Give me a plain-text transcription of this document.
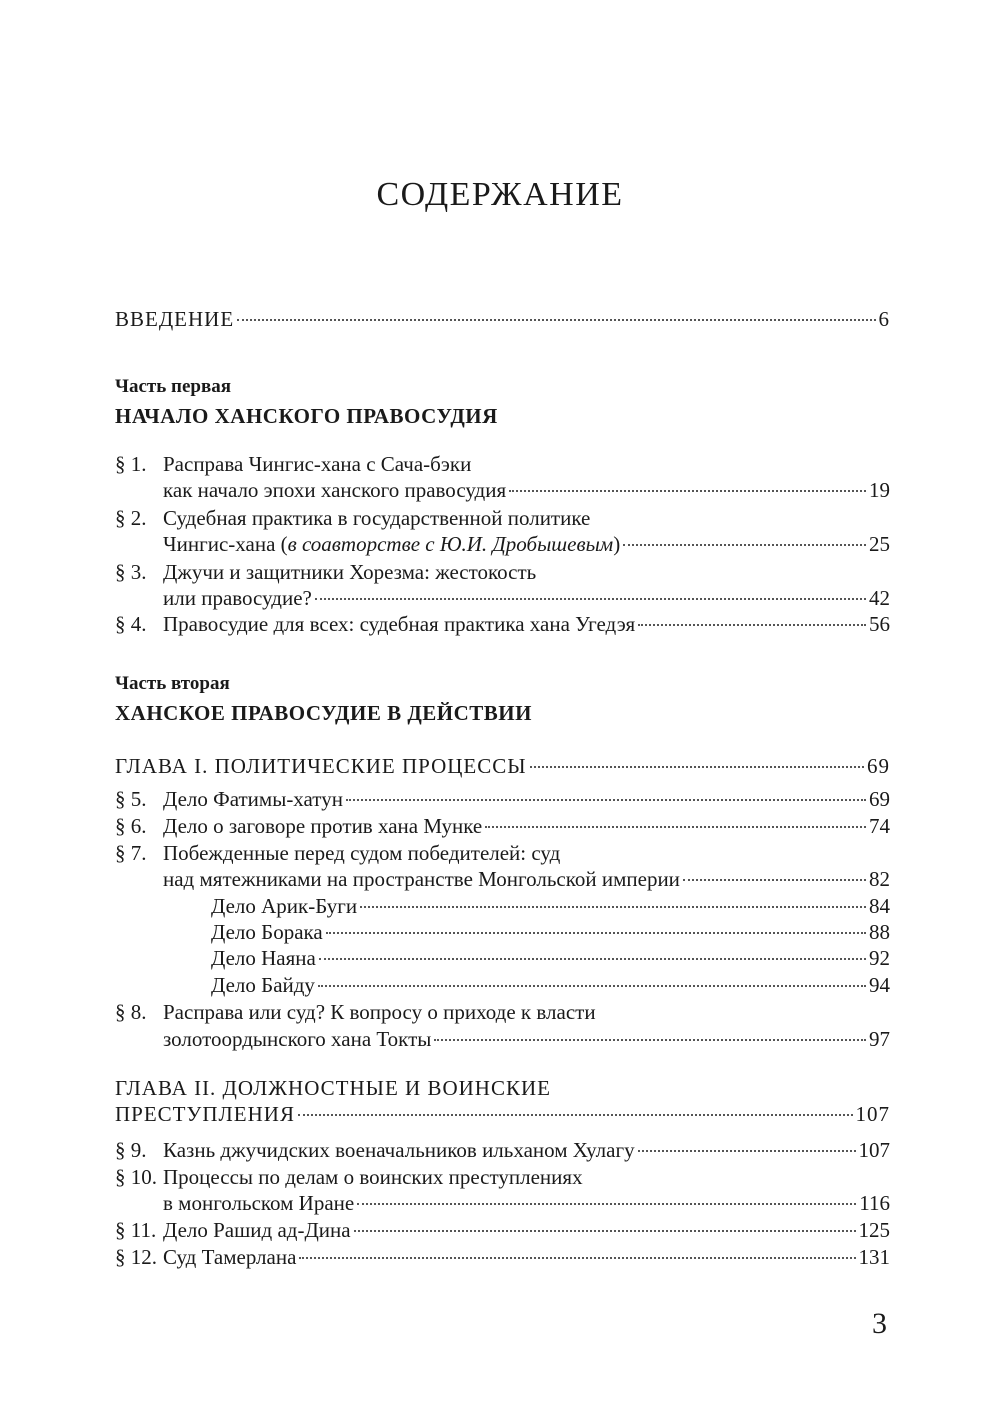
СОДЕРЖАНИЕ
ВВЕДЕНИЕ	6
Часть первая
НАЧАЛО ХАНСКОГО ПРАВОСУДИЯ
§ 1. Расправа Чингис-хана с Сача-бэки
как начало эпохи ханского правосудия	19
§ 2. Судебная практика в государственной политике
Чингис-хана (в соавторстве с Ю.И. Дробышевым)	25
§ 3. Джучи и защитники Хорезма: жестокость
или правосудие?	42
§ 4. Правосудие для всех: судебная практика хана Угедэя	56
Часть вторая
ХАНСКОЕ ПРАВОСУДИЕ В ДЕЙСТВИИ
ГЛАВА I. ПОЛИТИЧЕСКИЕ ПРОЦЕССЫ	69
§ 5. Дело Фатимы-хатун	69
§ 6. Дело о заговоре против хана Мунке	74
§ 7. Побежденные перед судом победителей: суд
над мятежниками на пространстве Монгольской империи	82
Дело Арик-Буги	84
Дело Борака	88
Дело Наяна	92
Дело Байду	94
§ 8. Расправа или суд? К вопросу о приходе к власти
золотоордынского хана Токты	97
ГЛАВА II. ДОЛЖНОСТНЫЕ И ВОИНСКИЕ
ПРЕСТУПЛЕНИЯ	107
§ 9. Казнь джучидских военачальников ильханом Хулагу	107
§ 10. Процессы по делам о воинских преступлениях
в монгольском Иране	116
§ 11. Дело Рашид ад-Дина	125
§ 12. Суд Тамерлана	131
3
